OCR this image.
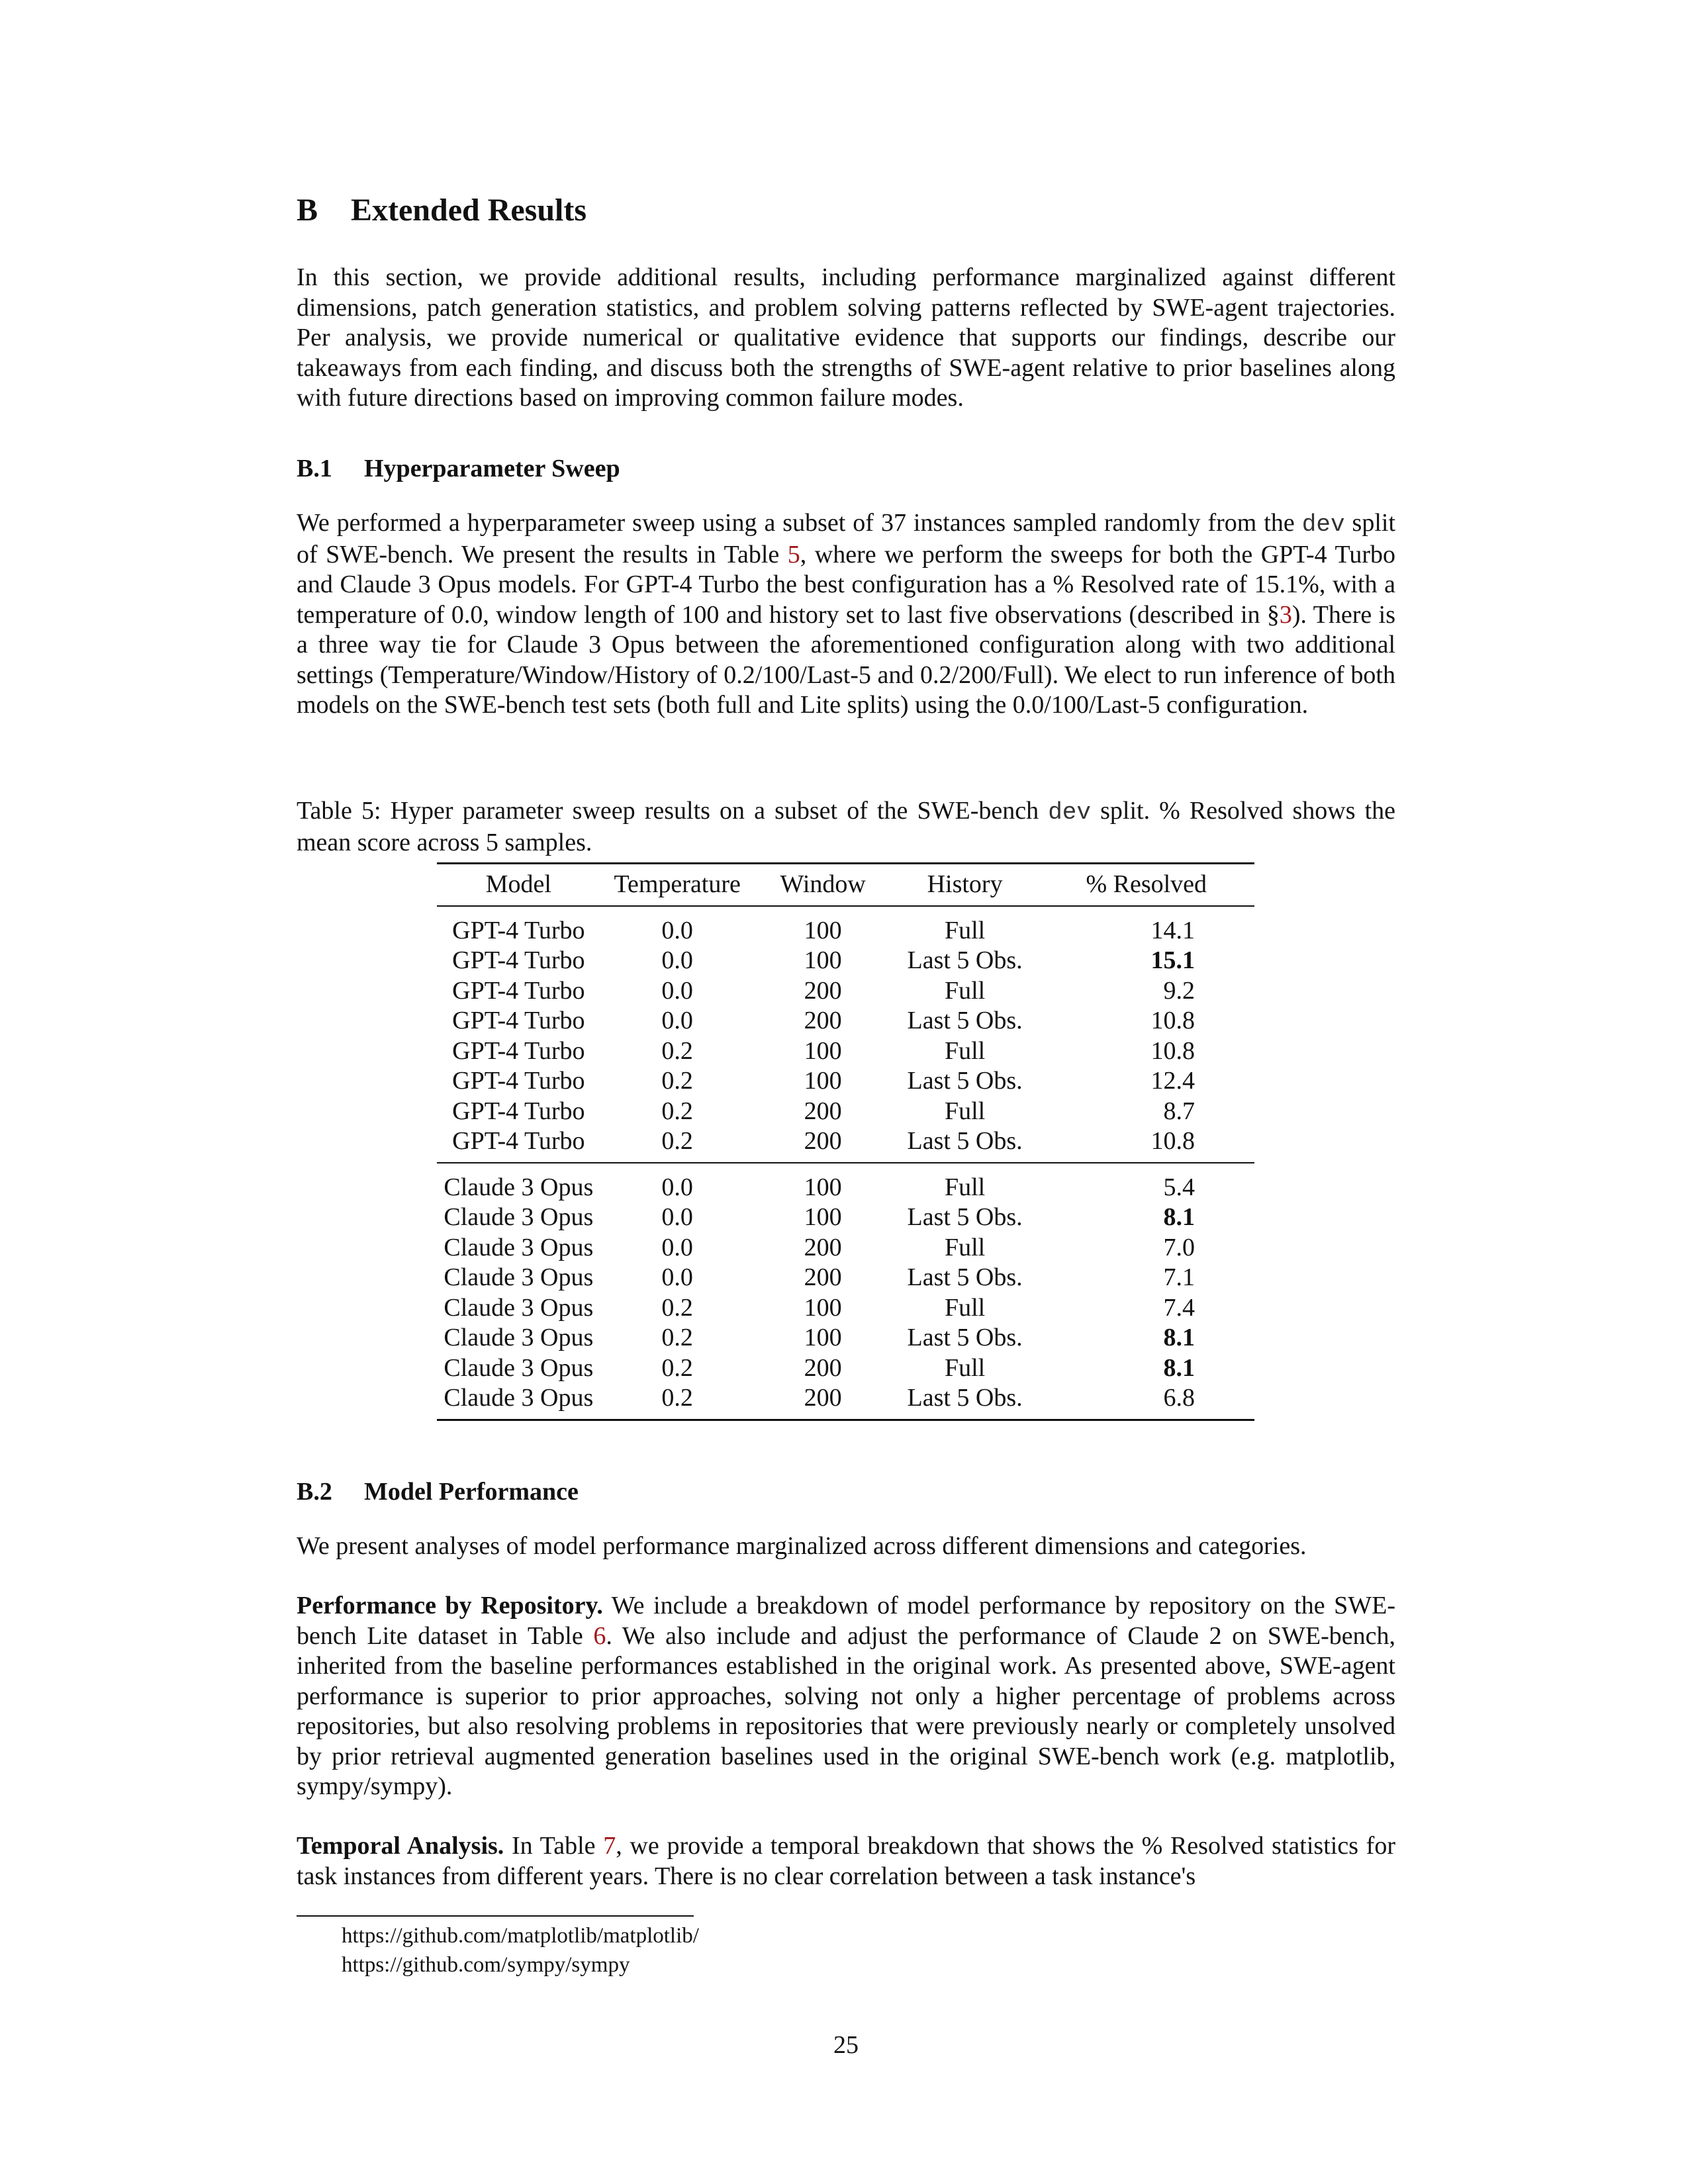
B Extended Results

In this section, we provide additional results, including performance marginalized against different dimensions, patch generation statistics, and problem solving patterns reflected by SWE-agent trajectories. Per analysis, we provide numerical or qualitative evidence that supports our findings, describe our takeaways from each finding, and discuss both the strengths of SWE-agent relative to prior baselines along with future directions based on improving common failure modes.

B.1 Hyperparameter Sweep

We performed a hyperparameter sweep using a subset of 37 instances sampled randomly from the dev split of SWE-bench. We present the results in Table 5, where we perform the sweeps for both the GPT-4 Turbo and Claude 3 Opus models. For GPT-4 Turbo the best configuration has a % Resolved rate of 15.1%, with a temperature of 0.0, window length of 100 and history set to last five observations (described in §3). There is a three way tie for Claude 3 Opus between the aforementioned configuration along with two additional settings (Temperature/Window/History of 0.2/100/Last-5 and 0.2/200/Full). We elect to run inference of both models on the SWE-bench test sets (both full and Lite splits) using the 0.0/100/Last-5 configuration.

Table 5: Hyper parameter sweep results on a subset of the SWE-bench dev split. % Resolved shows the mean score across 5 samples.

Model	Temperature	Window	History	% Resolved
GPT-4 Turbo	0.0	100	Full	14.1
GPT-4 Turbo	0.0	100	Last 5 Obs.	15.1
GPT-4 Turbo	0.0	200	Full	9.2
GPT-4 Turbo	0.0	200	Last 5 Obs.	10.8
GPT-4 Turbo	0.2	100	Full	10.8
GPT-4 Turbo	0.2	100	Last 5 Obs.	12.4
GPT-4 Turbo	0.2	200	Full	8.7
GPT-4 Turbo	0.2	200	Last 5 Obs.	10.8
Claude 3 Opus	0.0	100	Full	5.4
Claude 3 Opus	0.0	100	Last 5 Obs.	8.1
Claude 3 Opus	0.0	200	Full	7.0
Claude 3 Opus	0.0	200	Last 5 Obs.	7.1
Claude 3 Opus	0.2	100	Full	7.4
Claude 3 Opus	0.2	100	Last 5 Obs.	8.1
Claude 3 Opus	0.2	200	Full	8.1
Claude 3 Opus	0.2	200	Last 5 Obs.	6.8
B.2 Model Performance

We present analyses of model performance marginalized across different dimensions and categories.

Performance by Repository. We include a breakdown of model performance by repository on the SWE-bench Lite dataset in Table 6. We also include and adjust the performance of Claude 2 on SWE-bench, inherited from the baseline performances established in the original work. As presented above, SWE-agent performance is superior to prior approaches, solving not only a higher percentage of problems across repositories, but also resolving problems in repositories that were previously nearly or completely unsolved by prior retrieval augmented generation baselines used in the original SWE-bench work (e.g. matplotlib, sympy/sympy).

Temporal Analysis. In Table 7, we provide a temporal breakdown that shows the % Resolved statistics for task instances from different years. There is no clear correlation between a task instance's

https://github.com/matplotlib/matplotlib/

https://github.com/sympy/sympy

25
